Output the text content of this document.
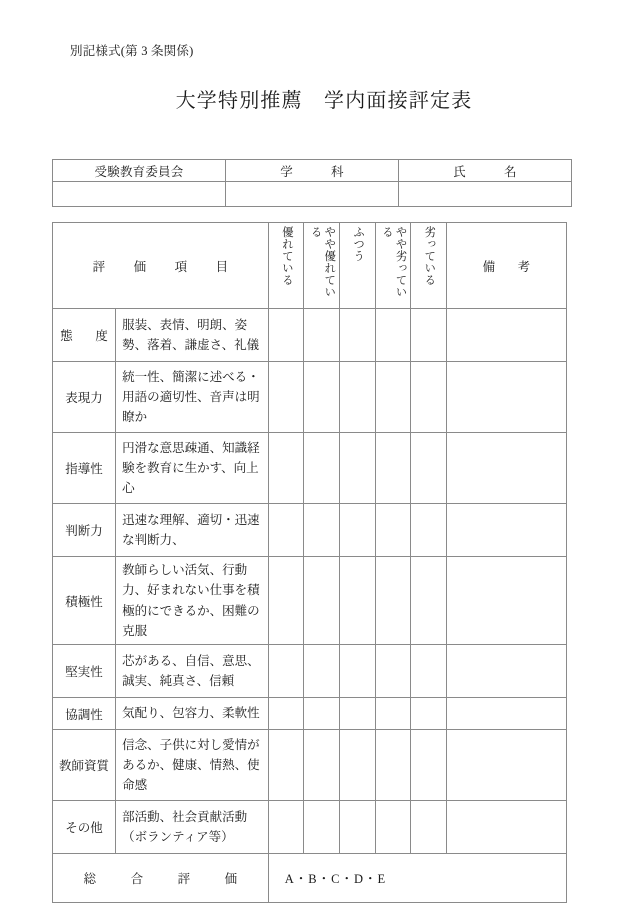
別記様式(第 3 条関係)
大学特別推薦　学内面接評定表
受験教育委員会	学　　　科	氏　　　名

評　価　項　目		優れている	やや優れている	ふつう	やや劣っている	劣っている	備　考
態　度	服装、表情、明朗、姿勢、落着、謙虚さ、礼儀						
表現力	統一性、簡潔に述べる・用語の適切性、音声は明瞭か						
指導性	円滑な意思疎通、知識経験を教育に生かす、向上心						
判断力	迅速な理解、適切・迅速な判断力、						
積極性	教師らしい活気、行動力、好まれない仕事を積極的にできるか、困難の克服						
堅実性	芯がある、自信、意思、誠実、純真さ、信頼						
協調性	気配り、包容力、柔軟性						
教師資質	信念、子供に対し愛情があるか、健康、情熱、使命感						
その他	部活動、社会貢献活動（ボランティア等）						
総　合　評　価		A・B・C・D・E					
